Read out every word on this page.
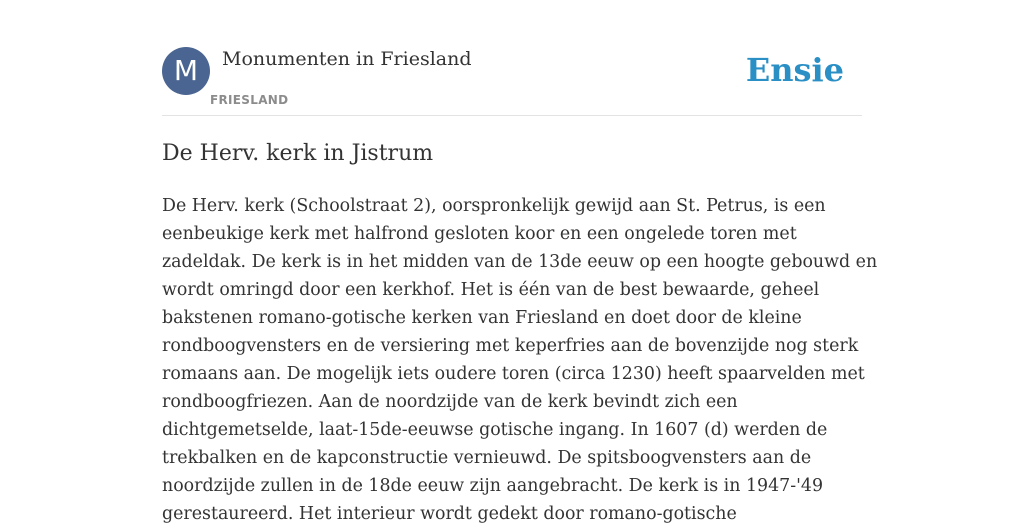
M	Monumenten in Friesland
FRIESLAND
Ensie
De Herv. kerk in Jistrum
De Herv. kerk (Schoolstraat 2), oorspronkelijk gewijd aan St. Petrus, is een
eenbeukige kerk met halfrond gesloten koor en een ongelede toren met
zadeldak. De kerk is in het midden van de 13de eeuw op een hoogte gebouwd en
wordt omringd door een kerkhof. Het is één van de best bewaarde, geheel
bakstenen romano-gotische kerken van Friesland en doet door de kleine
rondboogvensters en de versiering met keperfries aan de bovenzijde nog sterk
romaans aan. De mogelijk iets oudere toren (circa 1230) heeft spaarvelden met
rondboogfriezen. Aan de noordzijde van de kerk bevindt zich een
dichtgemetselde, laat-15de-eeuwse gotische ingang. In 1607 (d) werden de
trekbalken en de kapconstructie vernieuwd. De spitsboogvensters aan de
noordzijde zullen in de 18de eeuw zijn aangebracht. De kerk is in 1947-'49
gerestaureerd. Het interieur wordt gedekt door romano-gotische
